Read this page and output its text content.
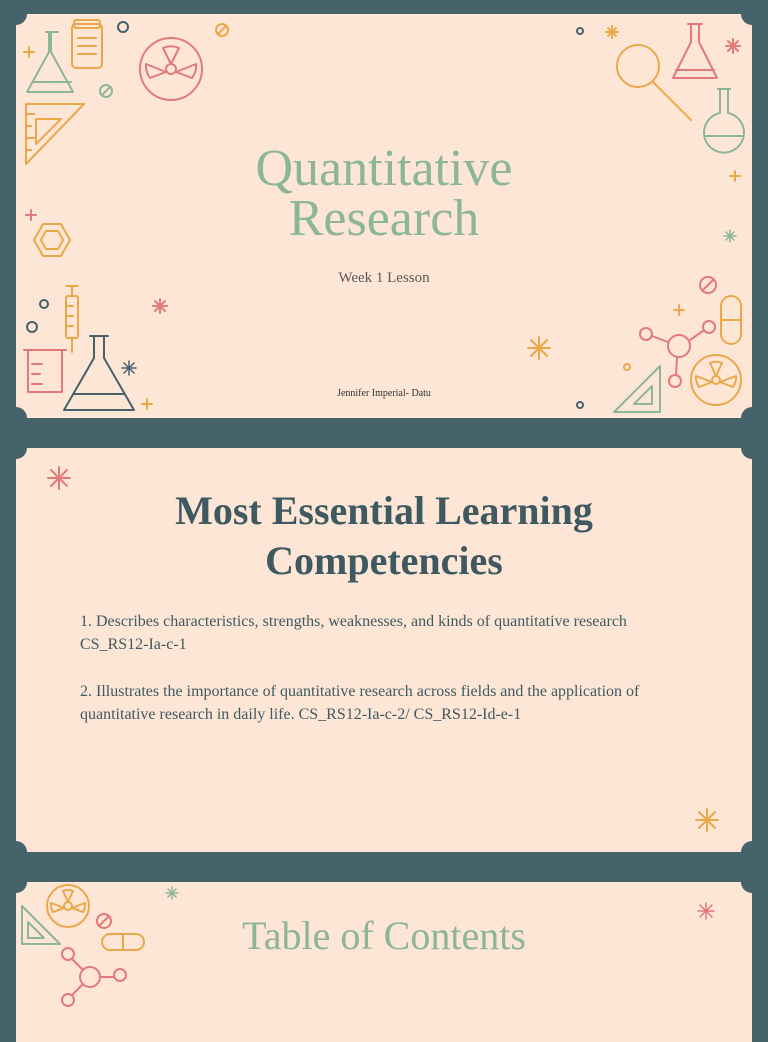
Quantitative
Research
Week 1 Lesson
Jennifer Imperial- Datu
Most Essential Learning
Competencies
1. Describes characteristics, strengths, weaknesses, and kinds of quantitative research CS_RS12-Ia-c-1
2. Illustrates the importance of quantitative research across fields and the application of quantitative research in daily life. CS_RS12-Ia-c-2/ CS_RS12-Id-e-1
Table of Contents
